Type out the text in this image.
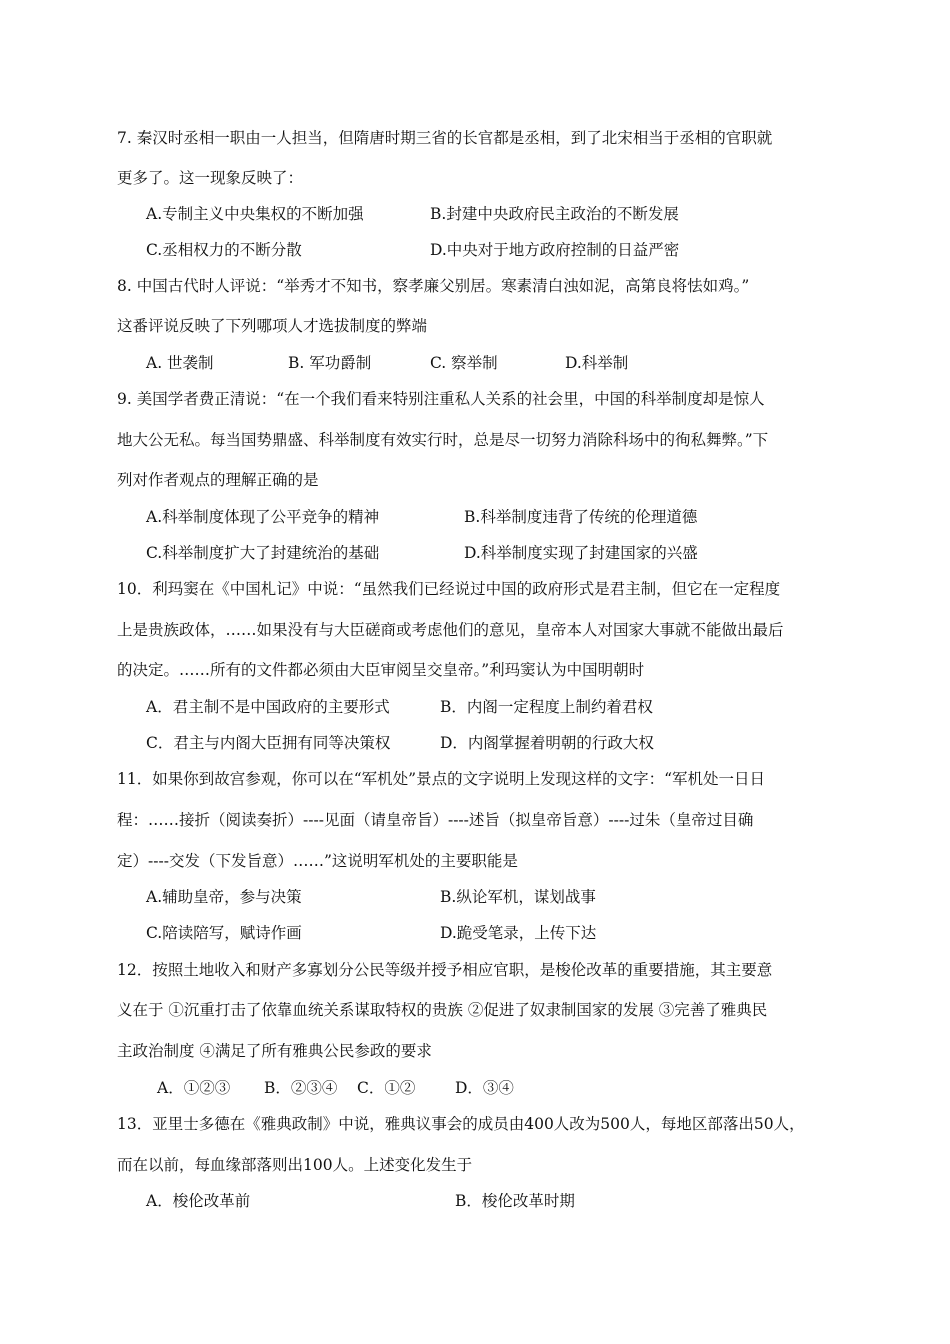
7. 秦汉时丞相一职由一人担当，但隋唐时期三省的长官都是丞相，到了北宋相当于丞相的官职就
更多了。这一现象反映了：
A.专制主义中央集权的不断加强	B.封建中央政府民主政治的不断发展
C.丞相权力的不断分散	D.中央对于地方政府控制的日益严密
8. 中国古代时人评说：“举秀才不知书，察孝廉父别居。寒素清白浊如泥，高第良将怯如鸡。”
这番评说反映了下列哪项人才选拔制度的弊端
A. 世袭制	B. 军功爵制	C. 察举制	D.科举制
9. 美国学者费正清说：“在一个我们看来特别注重私人关系的社会里，中国的科举制度却是惊人
地大公无私。每当国势鼎盛、科举制度有效实行时，总是尽一切努力消除科场中的徇私舞弊。”下
列对作者观点的理解正确的是
A.科举制度体现了公平竞争的精神	B.科举制度违背了传统的伦理道德
C.科举制度扩大了封建统治的基础	D.科举制度实现了封建国家的兴盛
10．利玛窦在《中国札记》中说：“虽然我们已经说过中国的政府形式是君主制，但它在一定程度
上是贵族政体，……如果没有与大臣磋商或考虑他们的意见，皇帝本人对国家大事就不能做出最后
的决定。……所有的文件都必须由大臣审阅呈交皇帝。”利玛窦认为中国明朝时
A．君主制不是中国政府的主要形式	B．内阁一定程度上制约着君权
C．君主与内阁大臣拥有同等决策权	D．内阁掌握着明朝的行政大权
11．如果你到故宫参观，你可以在“军机处”景点的文字说明上发现这样的文字：“军机处一日日
程：……接折（阅读奏折）----见面（请皇帝旨）----述旨（拟皇帝旨意）----过朱（皇帝过目确
定）----交发（下发旨意）……”这说明军机处的主要职能是
A.辅助皇帝，参与决策	B.纵论军机，谋划战事
C.陪读陪写，赋诗作画	D.跪受笔录，上传下达
12．按照土地收入和财产多寡划分公民等级并授予相应官职，是梭伦改革的重要措施，其主要意
义在于 ①沉重打击了依靠血统关系谋取特权的贵族 ②促进了奴隶制国家的发展 ③完善了雅典民
主政治制度 ④满足了所有雅典公民参政的要求
A．①②③ B．②③④ C．①②	D．③④
13．亚里士多德在《雅典政制》中说，雅典议事会的成员由400人改为500人，每地区部落出50人，
而在以前，每血缘部落则出100人。上述变化发生于
A．梭伦改革前	B．梭伦改革时期
